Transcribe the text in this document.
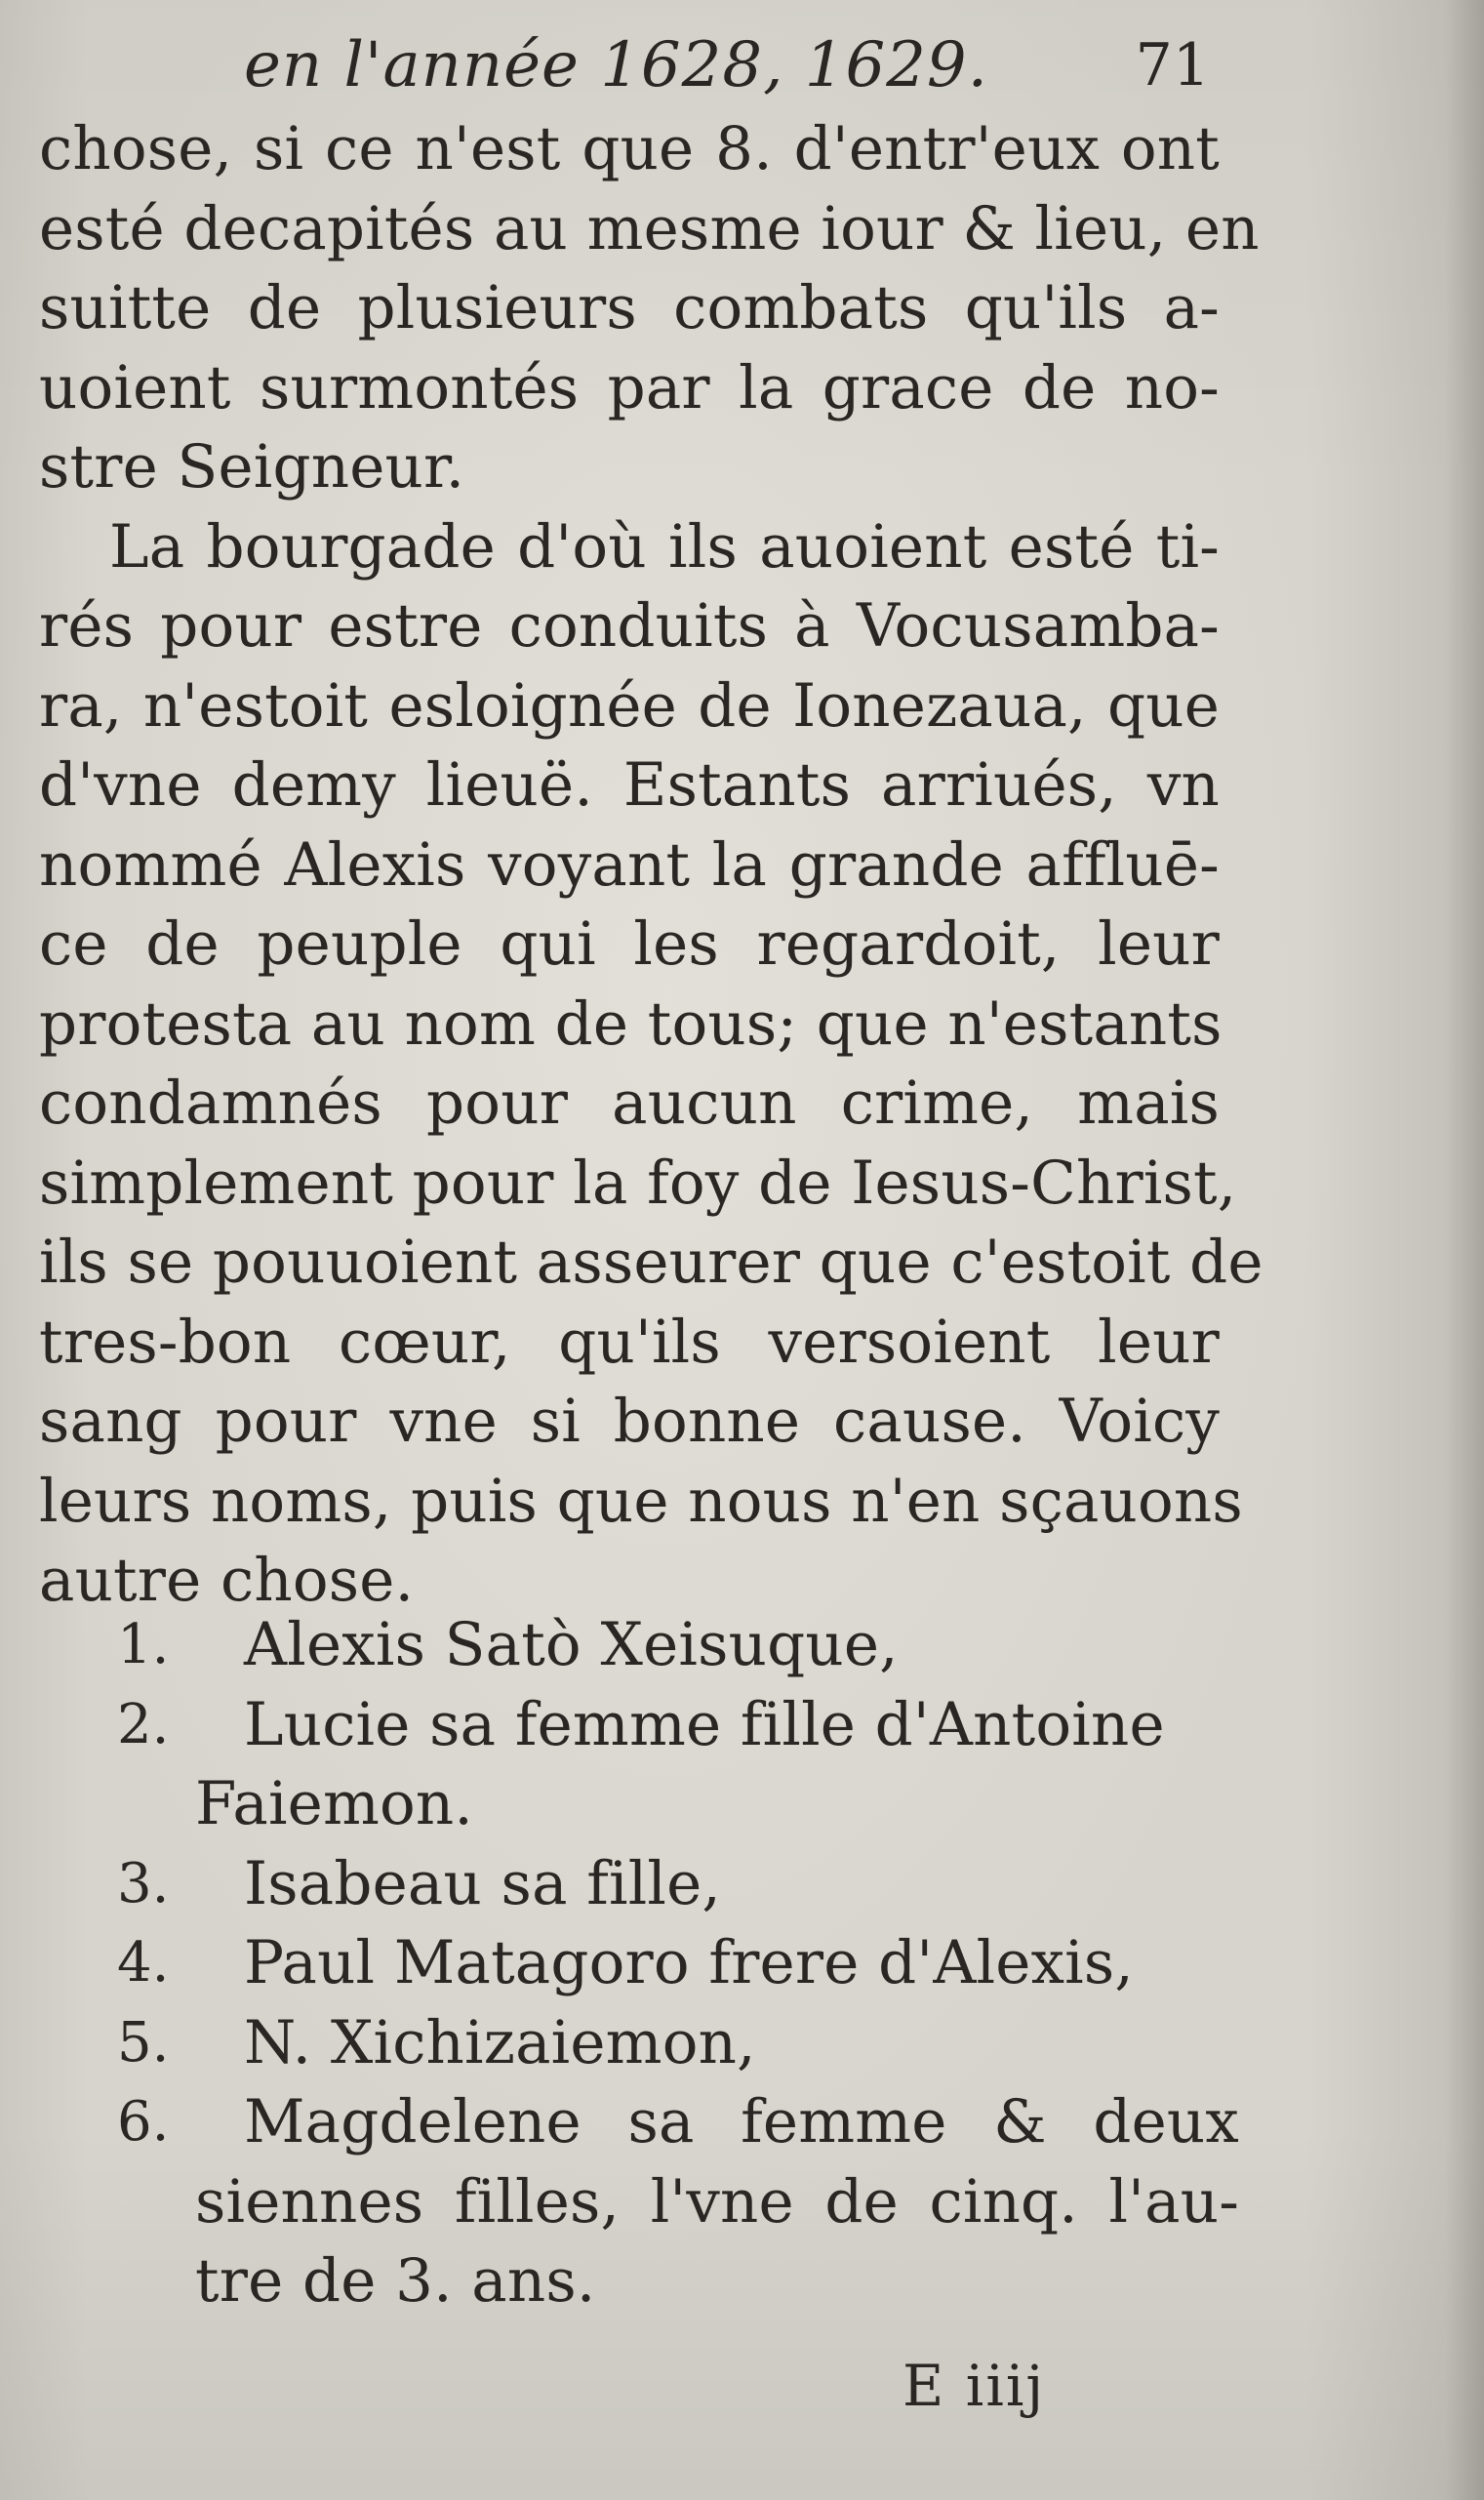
en l'année 1628, 1629.	71
chose, si ce n'est que 8. d'entr'eux ont
esté decapités au mesme iour & lieu, en
suitte de plusieurs combats qu'ils a-
uoient surmontés par la grace de no-
stre Seigneur.
La bourgade d'où ils auoient esté ti-
rés pour estre conduits à Vocusamba-
ra, n'estoit esloignée de Ionezaua, que
d'vne demy lieuë. Estants arriués, vn
nommé Alexis voyant la grande affluē-
ce de peuple qui les regardoit, leur
protesta au nom de tous; que n'estants
condamnés pour aucun crime, mais
simplement pour la foy de Iesus-Christ,
ils se pouuoient asseurer que c'estoit de
tres-bon cœur, qu'ils versoient leur
sang pour vne si bonne cause. Voicy
leurs noms, puis que nous n'en sçauons
autre chose.
1.	Alexis Satò Xeisuque,
2.	Lucie sa femme fille d'Antoine
Faiemon.
3.	Isabeau sa fille,
4.	Paul Matagoro frere d'Alexis,
5.	N. Xichizaiemon,
6.	Magdelene sa femme & deux
siennes filles, l'vne de cinq. l'au-
tre de 3. ans.
E iiij
